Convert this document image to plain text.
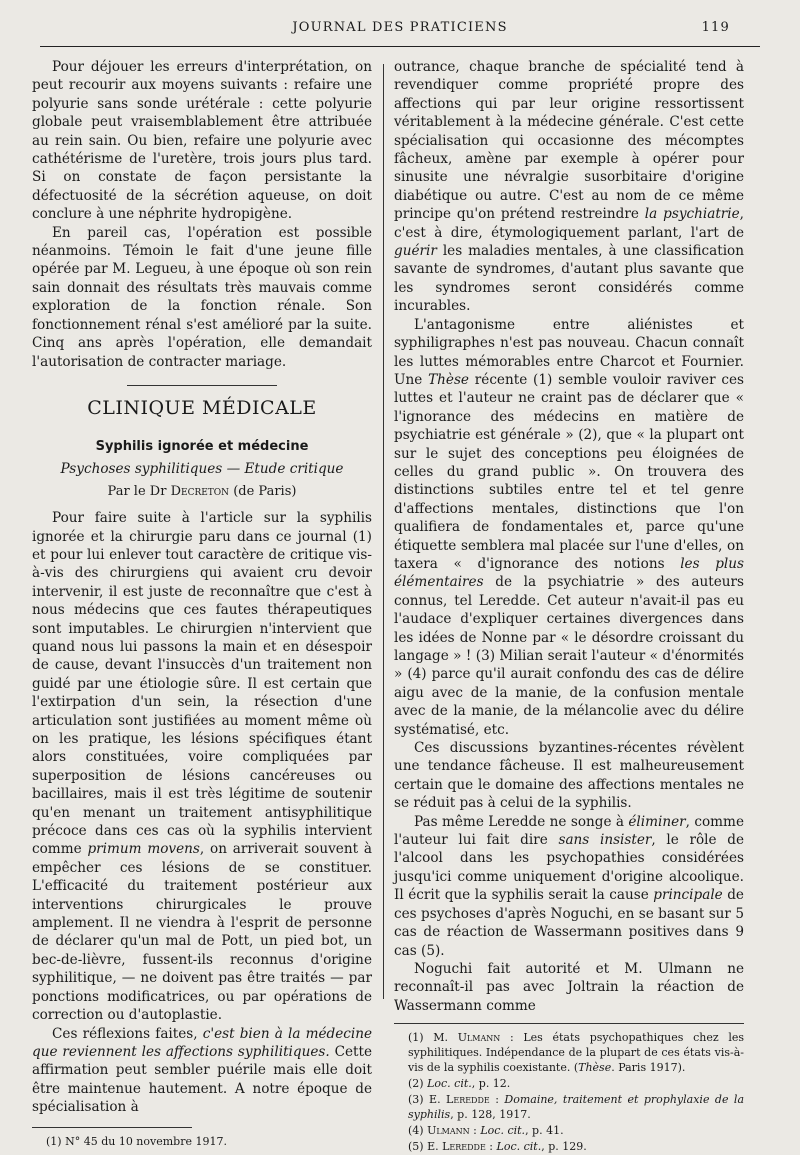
JOURNAL DES PRATICIENS	119

Pour déjouer les erreurs d'interprétation, on peut recourir aux moyens suivants : refaire une polyurie sans sonde urétérale : cette polyurie globale peut vraisemblablement être attribuée au rein sain. Ou bien, refaire une polyurie avec cathétérisme de l'uretère, trois jours plus tard. Si on constate de façon persistante la défectuosité de la sécrétion aqueuse, on doit conclure à une néphrite hydropigène.

En pareil cas, l'opération est possible néanmoins. Témoin le fait d'une jeune fille opérée par M. Legueu, à une époque où son rein sain donnait des résultats très mauvais comme exploration de la fonction rénale. Son fonctionnement rénal s'est amélioré par la suite. Cinq ans après l'opération, elle demandait l'autorisation de contracter mariage.

CLINIQUE MÉDICALE
Syphilis ignorée et médecine
Psychoses syphilitiques — Etude critique
Par le Dr Decreton (de Paris)

Pour faire suite à l'article sur la syphilis ignorée et la chirurgie paru dans ce journal (1) et pour lui enlever tout caractère de critique vis-à-vis des chirurgiens qui avaient cru devoir intervenir, il est juste de reconnaître que c'est à nous médecins que ces fautes thérapeutiques sont imputables. Le chirurgien n'intervient que quand nous lui passons la main et en désespoir de cause, devant l'insuccès d'un traitement non guidé par une étiologie sûre. Il est certain que l'extirpation d'un sein, la résection d'une articulation sont justifiées au moment même où on les pratique, les lésions spécifiques étant alors constituées, voire compliquées par superposition de lésions cancéreuses ou bacillaires, mais il est très légitime de soutenir qu'en menant un traitement antisyphilitique précoce dans ces cas où la syphilis intervient comme primum movens, on arriverait souvent à empêcher ces lésions de se constituer. L'efficacité du traitement postérieur aux interventions chirurgicales le prouve amplement. Il ne viendra à l'esprit de personne de déclarer qu'un mal de Pott, un pied bot, un bec-de-lièvre, fussent-ils reconnus d'origine syphilitique, — ne doivent pas être traités — par ponctions modificatrices, ou par opérations de correction ou d'autoplastie.

Ces réflexions faites, c'est bien à la médecine que reviennent les affections syphilitiques. Cette affirmation peut sembler puérile mais elle doit être maintenue hautement. A notre époque de spécialisation à

(1) N° 45 du 10 novembre 1917.

outrance, chaque branche de spécialité tend à revendiquer comme propriété propre des affections qui par leur origine ressortissent véritablement à la médecine générale. C'est cette spécialisation qui occasionne des mécomptes fâcheux, amène par exemple à opérer pour sinusite une névralgie susorbitaire d'origine diabétique ou autre. C'est au nom de ce même principe qu'on prétend restreindre la psychiatrie, c'est à dire, étymologiquement parlant, l'art de guérir les maladies mentales, à une classification savante de syndromes, d'autant plus savante que les syndromes seront considérés comme incurables.

L'antagonisme entre aliénistes et syphiligraphes n'est pas nouveau. Chacun connaît les luttes mémorables entre Charcot et Fournier. Une Thèse récente (1) semble vouloir raviver ces luttes et l'auteur ne craint pas de déclarer que « l'ignorance des médecins en matière de psychiatrie est générale » (2), que « la plupart ont sur le sujet des conceptions peu éloignées de celles du grand public ». On trouvera des distinctions subtiles entre tel et tel genre d'affections mentales, distinctions que l'on qualifiera de fondamentales et, parce qu'une étiquette semblera mal placée sur l'une d'elles, on taxera « d'ignorance des notions les plus élémentaires de la psychiatrie » des auteurs connus, tel Leredde. Cet auteur n'avait-il pas eu l'audace d'expliquer certaines divergences dans les idées de Nonne par « le désordre croissant du langage » ! (3) Milian serait l'auteur « d'énormités » (4) parce qu'il aurait confondu des cas de délire aigu avec de la manie, de la confusion mentale avec de la manie, de la mélancolie avec du délire systématisé, etc.

Ces discussions byzantines-récentes révèlent une tendance fâcheuse. Il est malheureusement certain que le domaine des affections mentales ne se réduit pas à celui de la syphilis.

Pas même Leredde ne songe à éliminer, comme l'auteur lui fait dire sans insister, le rôle de l'alcool dans les psychopathies considérées jusqu'ici comme uniquement d'origine alcoolique. Il écrit que la syphilis serait la cause principale de ces psychoses d'après Noguchi, en se basant sur 5 cas de réaction de Wassermann positives dans 9 cas (5).

Noguchi fait autorité et M. Ulmann ne reconnaît-il pas avec Joltrain la réaction de Wassermann comme

(1) M. Ulmann : Les états psychopathiques chez les syphilitiques. Indépendance de la plupart de ces états vis-à-vis de la syphilis coexistante. (Thèse. Paris 1917).

(2) Loc. cit., p. 12.

(3) E. Leredde : Domaine, traitement et prophylaxie de la syphilis, p. 128, 1917.

(4) Ulmann : Loc. cit., p. 41.

(5) E. Leredde : Loc. cit., p. 129.
